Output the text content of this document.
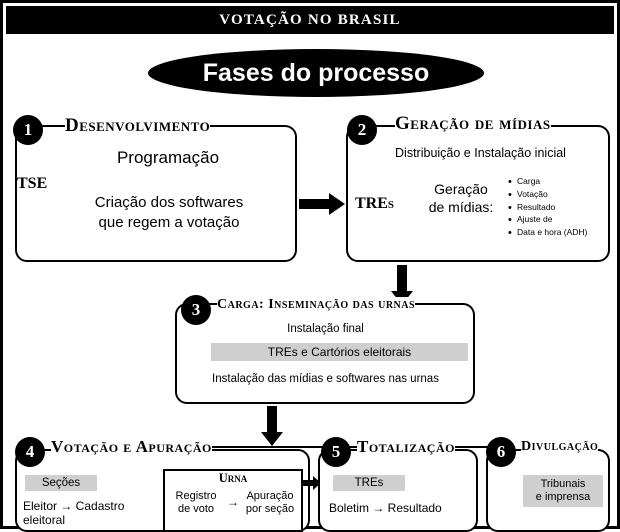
VOTAÇÃO NO BRASIL
Fases do processo
1	Desenvolvimento
TSE
Programação
Criação dos softwares
que regem a votação
2	Geração de mídias
Distribuição e Instalação inicial
TREs
Geração
de mídias:
• Carga
• Votação
• Resultado
• Ajuste de
• Data e hora (ADH)
3	Carga: Inseminação das urnas
Instalação final
TREs e Cartórios eleitorais
Instalação das mídias e softwares nas urnas
4 Votação e Apuração
Seções
Eleitor → Cadastro
eleitoral
Urna
Registro
de voto	→ Apuração
por seção
5 Totalização
TREs
Boletim → Resultado
6	Divulgação
Tribunais
e imprensa
